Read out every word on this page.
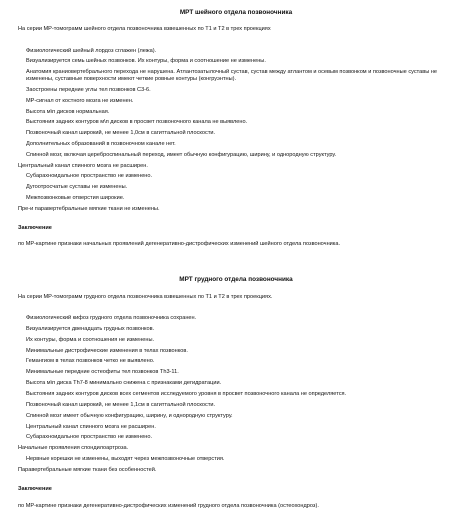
МРТ шейного отдела позвоночника
На серии МР-томограмм шейного отдела позвоночника взвешенных по Т1 и Т2 в трех проекциях
Физиологический шейный лордоз сглажен (лежа).
Визуализируется семь шейных позвонков. Их контуры, форма и соотношение не изменены.
Анатомия краниовертебрального перехода не нарушена. Атлантозатылочный сустав, сустав между атлантом и осевым позвонком и позвоночные суставы не изменены, суставные поверхности имеют четкие ровные контуры (конгруэнтны).
Заостроены передние углы тел позвонков С3-6.
МР-сигнал от костного мозга не изменен.
Высота м\п дисков нормальная.
Выстояния задних контуров м\п дисков в просвет позвоночного канала не выявлено.
Позвоночный канал широкий, не менее 1,0см в сагиттальной плоскости.
Дополнительных образований в позвоночном канале нет.
Спинной мозг, включая цереброспинальный переход, имеет обычную конфигурацию, ширину, и однородную структуру.
Центральный канал спинного мозга не расширен.
Субарахноидальное пространство не изменено.
Дугоотросчатые суставы не изменены.
Межпозвонковые отверстия широкие.
Пре-и паравертебральные мягкие ткани не изменены.
Заключение
по МР-картине признаки начальных проявлений дегенеративно-дистрофических изменений шейного отдела позвоночника.
МРТ грудного отдела позвоночника
На серии МР-томограмм грудного отдела позвоночника взвешенных по Т1 и Т2 в трех проекциях.
Физиологический кифоз грудного отдела позвоночника сохранен.
Визуализируется двенадцать грудных позвонков.
Их контуры, форма и соотношения не изменены.
Минимальные дистрофические изменения в телах позвонков.
Гемангиом в телах позвонков четко не выявлено.
Минимальные передние остеофиты тел позвонков Th3-11.
Высота м\п диска Th7-8 минимально снижена с признаками дегидратации.
Выстояния задних контуров дисков всех сегментов исследуемого уровня в просвет позвоночного канала не определяется.
Позвоночный канал широкий, не менее 1,1см в сагиттальной плоскости.
Спинной мозг имеет обычную конфигурацию, ширину, и однородную структуру.
Центральный канал спинного мозга не расширен.
Субарахноидальное пространство не изменено.
Начальные проявления спондилоартроза.
Нервные корешки не изменены, выходят через межпозвоночные отверстия.
Паравертебральные мягкие ткани без особенностей.
Заключение
по МР-картине признаки дегенеративно-дистрофических изменений грудного отдела позвоночника (остеохондроз).
